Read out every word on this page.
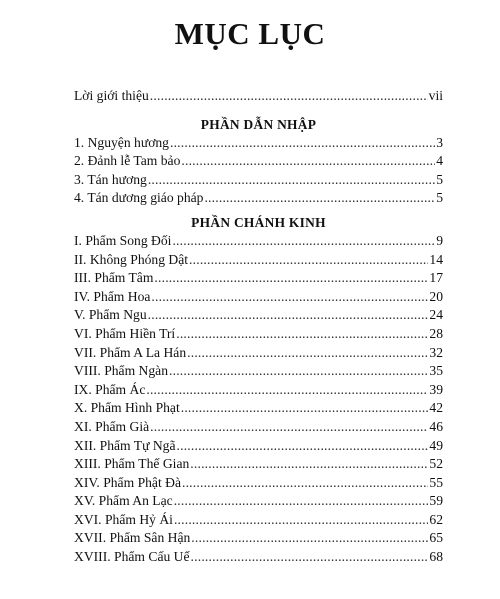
MỤC LỤC
Lời giới thiệu .....	vii
PHẦN DẪN NHẬP
1. Nguyện hương .....	3
2. Đảnh lễ Tam bảo .....	4
3. Tán hương .....	5
4. Tán dương giáo pháp .....	5
PHẦN CHÁNH KINH
I. Phẩm Song Đối .....	9
II. Không Phóng Dật .....	14
III. Phẩm Tâm .....	17
IV. Phẩm Hoa .....	20
V. Phẩm Ngu .....	24
VI. Phẩm Hiền Trí .....	28
VII. Phẩm A La Hán .....	32
VIII. Phẩm Ngàn .....	35
IX. Phẩm Ác .....	39
X. Phẩm Hình Phạt .....	42
XI. Phẩm Già .....	46
XII. Phẩm Tự Ngã .....	49
XIII. Phẩm Thế Gian .....	52
XIV. Phẩm Phật Đà .....	55
XV. Phẩm An Lạc .....	59
XVI. Phẩm Hỷ Ái .....	62
XVII. Phẩm Sân Hận .....	65
XVIII. Phẩm Cấu Uế .....	68
